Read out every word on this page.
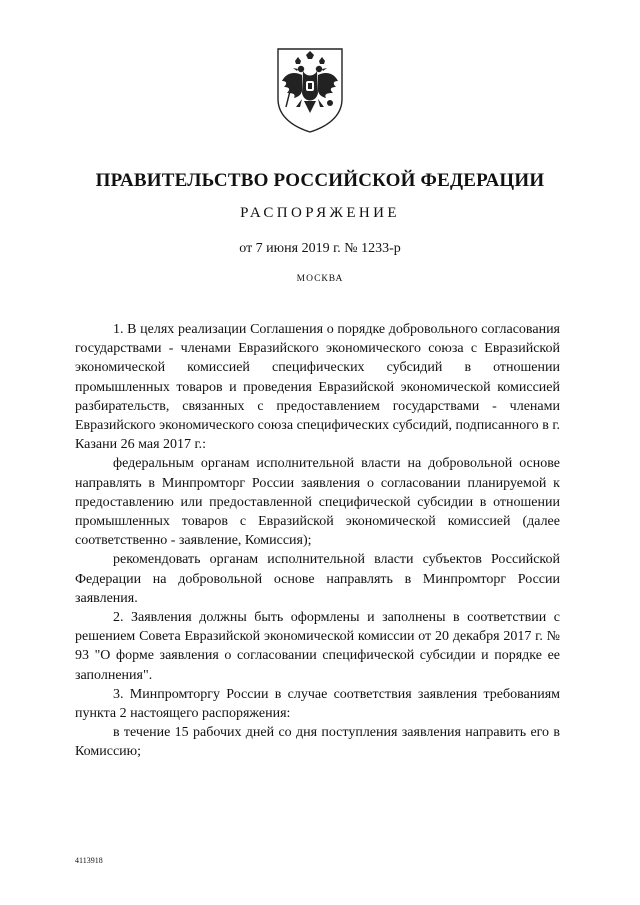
ПРАВИТЕЛЬСТВО РОССИЙСКОЙ ФЕДЕРАЦИИ
РАСПОРЯЖЕНИЕ
от 7 июня 2019 г. № 1233-р
МОСКВА

1. В целях реализации Соглашения о порядке добровольного согласования государствами - членами Евразийского экономического союза с Евразийской экономической комиссией специфических субсидий в отношении промышленных товаров и проведения Евразийской экономической комиссией разбирательств, связанных с предоставлением государствами - членами Евразийского экономического союза специфических субсидий, подписанного в г. Казани 26 мая 2017 г.:

федеральным органам исполнительной власти на добровольной основе направлять в Минпромторг России заявления о согласовании планируемой к предоставлению или предоставленной специфической субсидии в отношении промышленных товаров с Евразийской экономической комиссией (далее соответственно - заявление, Комиссия);

рекомендовать органам исполнительной власти субъектов Российской Федерации на добровольной основе направлять в Минпромторг России заявления.

2. Заявления должны быть оформлены и заполнены в соответствии с решением Совета Евразийской экономической комиссии от 20 декабря 2017 г. № 93 "О форме заявления о согласовании специфической субсидии и порядке ее заполнения".

3. Минпромторгу России в случае соответствия заявления требованиям пункта 2 настоящего распоряжения:

в течение 15 рабочих дней со дня поступления заявления направить его в Комиссию;

4113918
